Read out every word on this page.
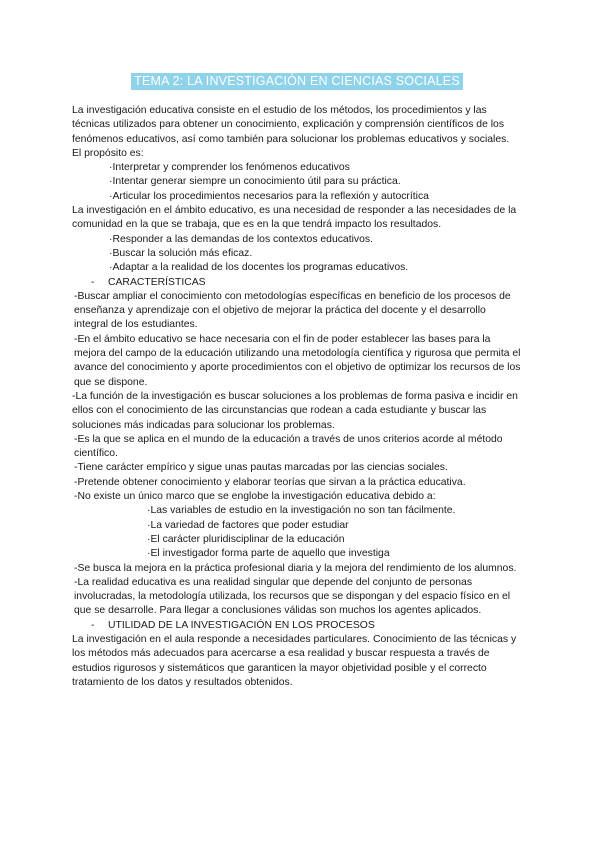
TEMA 2: LA INVESTIGACIÓN EN CIENCIAS SOCIALES

La investigación educativa consiste en el estudio de los métodos, los procedimientos y las técnicas utilizados para obtener un conocimiento, explicación y comprensión científicos de los fenómenos educativos, así como también para solucionar los problemas educativos y sociales.

El propósito es:

·Interpretar y comprender los fenómenos educativos

·Intentar generar siempre un conocimiento útil para su práctica.

·Articular los procedimientos necesarios para la reflexión y autocrítica

La investigación en el ámbito educativo, es una necesidad de responder a las necesidades de la comunidad en la que se trabaja, que es en la que tendrá impacto los resultados.

·Responder a las demandas de los contextos educativos.

·Buscar la solución más eficaz.

·Adaptar a la realidad de los docentes los programas educativos.

- CARACTERÍSTICAS

-Buscar ampliar el conocimiento con metodologías específicas en beneficio de los procesos de enseñanza y aprendizaje con el objetivo de mejorar la práctica del docente y el desarrollo integral de los estudiantes.

-En el ámbito educativo se hace necesaria con el fin de poder establecer las bases para la mejora del campo de la educación utilizando una metodología científica y rigurosa que permita el avance del conocimiento y aporte procedimientos con el objetivo de optimizar los recursos de los que se dispone.

-La función de la investigación es buscar soluciones a los problemas de forma pasiva e incidir en ellos con el conocimiento de las circunstancias que rodean a cada estudiante y buscar las soluciones más indicadas para solucionar los problemas.

-Es la que se aplica en el mundo de la educación a través de unos criterios acorde al método científico.

-Tiene carácter empírico y sigue unas pautas marcadas por las ciencias sociales.

-Pretende obtener conocimiento y elaborar teorías que sirvan a la práctica educativa.

-No existe un único marco que se englobe la investigación educativa debido a:

·Las variables de estudio en la investigación no son tan fácilmente.

·La variedad de factores que poder estudiar

·El carácter pluridisciplinar de la educación

·El investigador forma parte de aquello que investiga

-Se busca la mejora en la práctica profesional diaria y la mejora del rendimiento de los alumnos.

-La realidad educativa es una realidad singular que depende del conjunto de personas involucradas, la metodología utilizada, los recursos que se dispongan y del espacio físico en el que se desarrolle. Para llegar a conclusiones válidas son muchos los agentes aplicados.

- UTILIDAD DE LA INVESTIGACIÓN EN LOS PROCESOS

La investigación en el aula responde a necesidades particulares. Conocimiento de las técnicas y los métodos más adecuados para acercarse a esa realidad y buscar respuesta a través de estudios rigurosos y sistemáticos que garanticen la mayor objetividad posible y el correcto tratamiento de los datos y resultados obtenidos.
